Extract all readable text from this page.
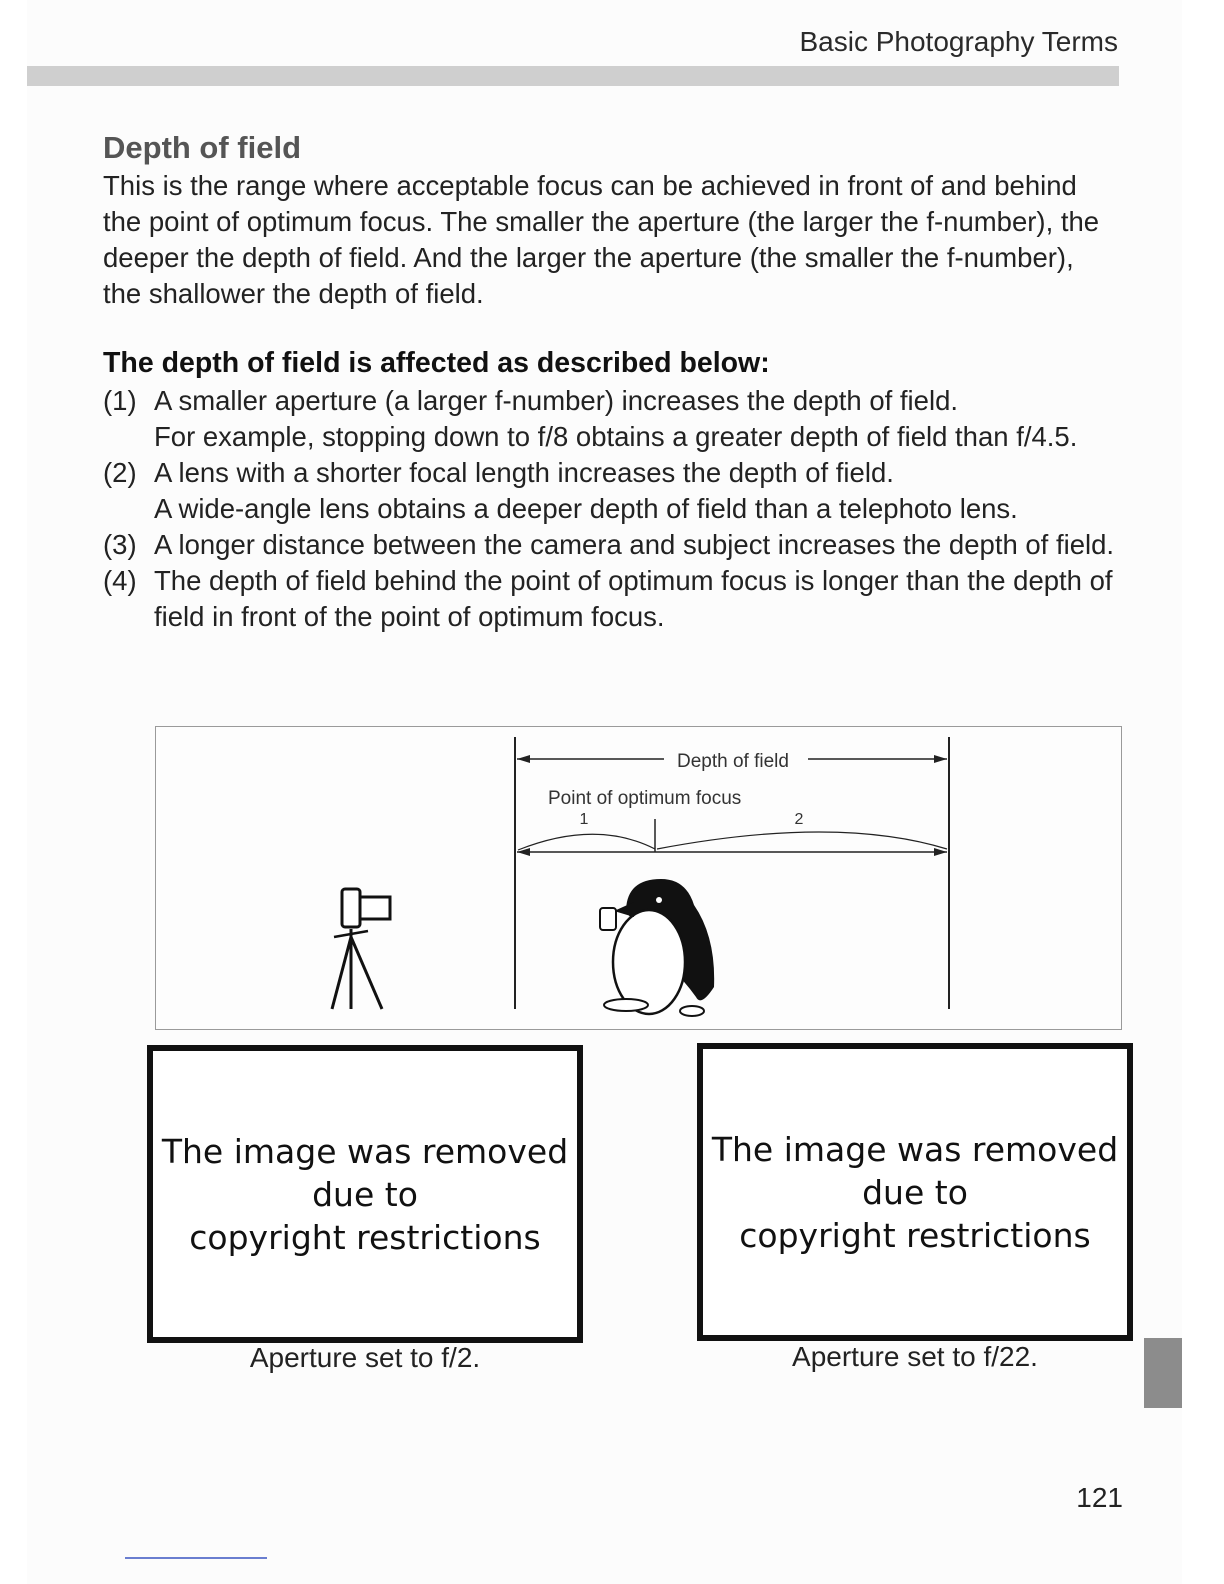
Basic Photography Terms
Depth of field

This is the range where acceptable focus can be achieved in front of and behind the point of optimum focus. The smaller the aperture (the larger the f-number), the deeper the depth of field. And the larger the aperture (the smaller the f-number), the shallower the depth of field.

The depth of field is affected as described below:
(1) A smaller aperture (a larger f-number) increases the depth of field.
For example, stopping down to f/8 obtains a greater depth of field than f/4.5.
(2) A lens with a shorter focal length increases the depth of field.
A wide-angle lens obtains a deeper depth of field than a telephoto lens.
(3) A longer distance between the camera and subject increases the depth of field.
(4) The depth of field behind the point of optimum focus is longer than the depth of field in front of the point of optimum focus.
Depth of field
Point of optimum focus
1	2
The image was removed
due to
copyright restrictions
Aperture set to f/2.
The image was removed
due to
copyright restrictions
Aperture set to f/22.
121
